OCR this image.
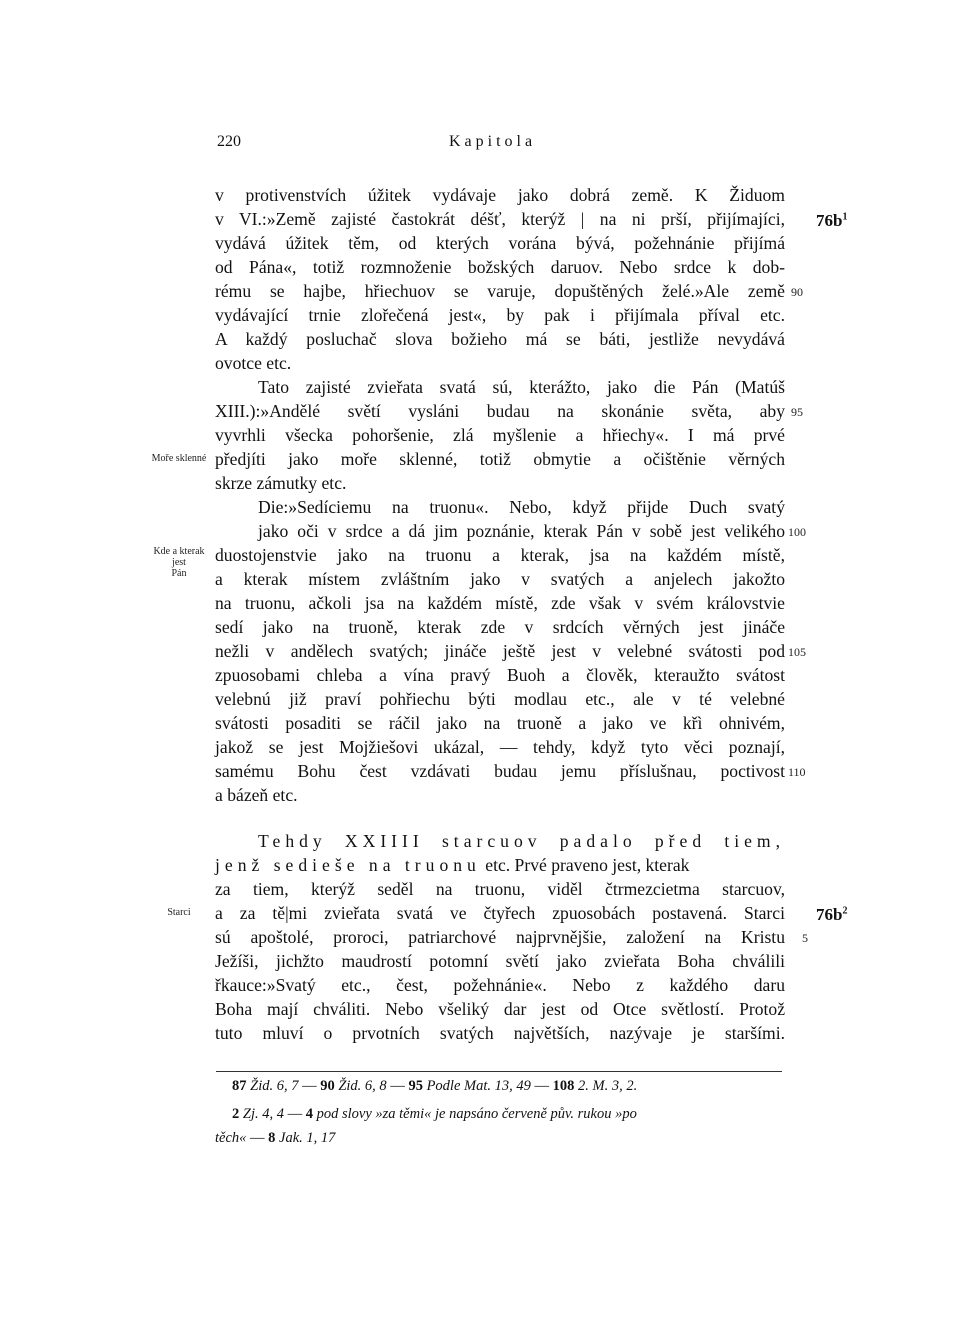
220	Kapitola
v protivenstvích úžitek vydávaje jako dobrá země. K Židuom
v VI.:»Země zajisté častokrát déšť, kterýž | na ni prší, přijímajíci,
vydává úžitek těm, od kterých vorána bývá, požehnánie přijímá
od Pána«, totiž rozmnoženie božských daruov. Nebo srdce k dob-
rému se hajbe, hřiechuov se varuje, dopuštěných želé.»Ale země
vydávající trnie zlořečená jest«, by pak i přijímala příval etc.
A každý posluchač slova božieho má se báti, jestliže nevydává
ovotce etc.
Tato zajisté zvieřata svatá sú, kterážto, jako die Pán (Matúš
XIII.):»Andělé světí vysláni budau na skonánie světa, aby
vyvrhli všecka pohoršenie, zlá myšlenie a hřiechy«. I má prvé
předjíti jako moře sklenné, totiž obmytie a očištěnie věrných
skrze zámutky etc.
Die:»Sedíciemu na truonu«. Nebo, když přijde Duch svatý
jako oči v srdce a dá jim poznánie, kterak Pán v sobě jest velikého
duostojenstvie jako na truonu a kterak, jsa na každém místě,
a kterak místem zvláštním jako v svatých a anjelech jakožto
na truonu, ačkoli jsa na každém místě, zde však v svém královstvie
sedí jako na truoně, kterak zde v srdcích věrných jest jináče
nežli v andělech svatých; jináče ještě jest v velebné svátosti pod
zpuosobami chleba a vína pravý Buoh a člověk, kteraužto svátost
velebnú již praví pohřiechu býti modlau etc., ale v té velebné
svátosti posaditi se ráčil jako na truoně a jako ve křì ohnivém,
jakož se jest Mojžiešovi ukázal, — tehdy, když tyto věci poznají,
samému Bohu čest vzdávati budau jemu příslušnau, poctivost
a bázeň etc.
Tehdy XXIIII starcuov padalo před tiem,
jenž sedieše na truonu etc. Prvé praveno jest, kterak
za tiem, kterýž seděl na truonu, viděl čtrmezcietma starcuov,
a za tě|mi zvieřata svatá ve čtyřech zpuosobách postavená. Starci
sú apoštolé, proroci, patriarchové najprvnějšie, založení na Kristu
Ježíši, jichžto maudrostí potomní světí jako zvieřata Boha chválili
řkauce:»Svatý etc., čest, požehnánie«. Nebo z každého daru
Boha mají chváliti. Nebo všeliký dar jest od Otce světlostí. Protož
tuto mluví o prvotních svatých najvětších, nazývaje je staršími.
Moře sklenné
Kde a kterak jest
Pán
Starci
90
95
100
105
110
5
$76b^1$
$76b^2$
87 Žid. 6, 7 — 90 Žid. 6, 8 — 95 Podle Mat. 13, 49 — 108 2. M. 3, 2.
2 Zj. 4, 4 — 4 pod slovy »za těmi« je napsáno červeně pův. rukou »po
těch« — 8 Jak. 1, 17
